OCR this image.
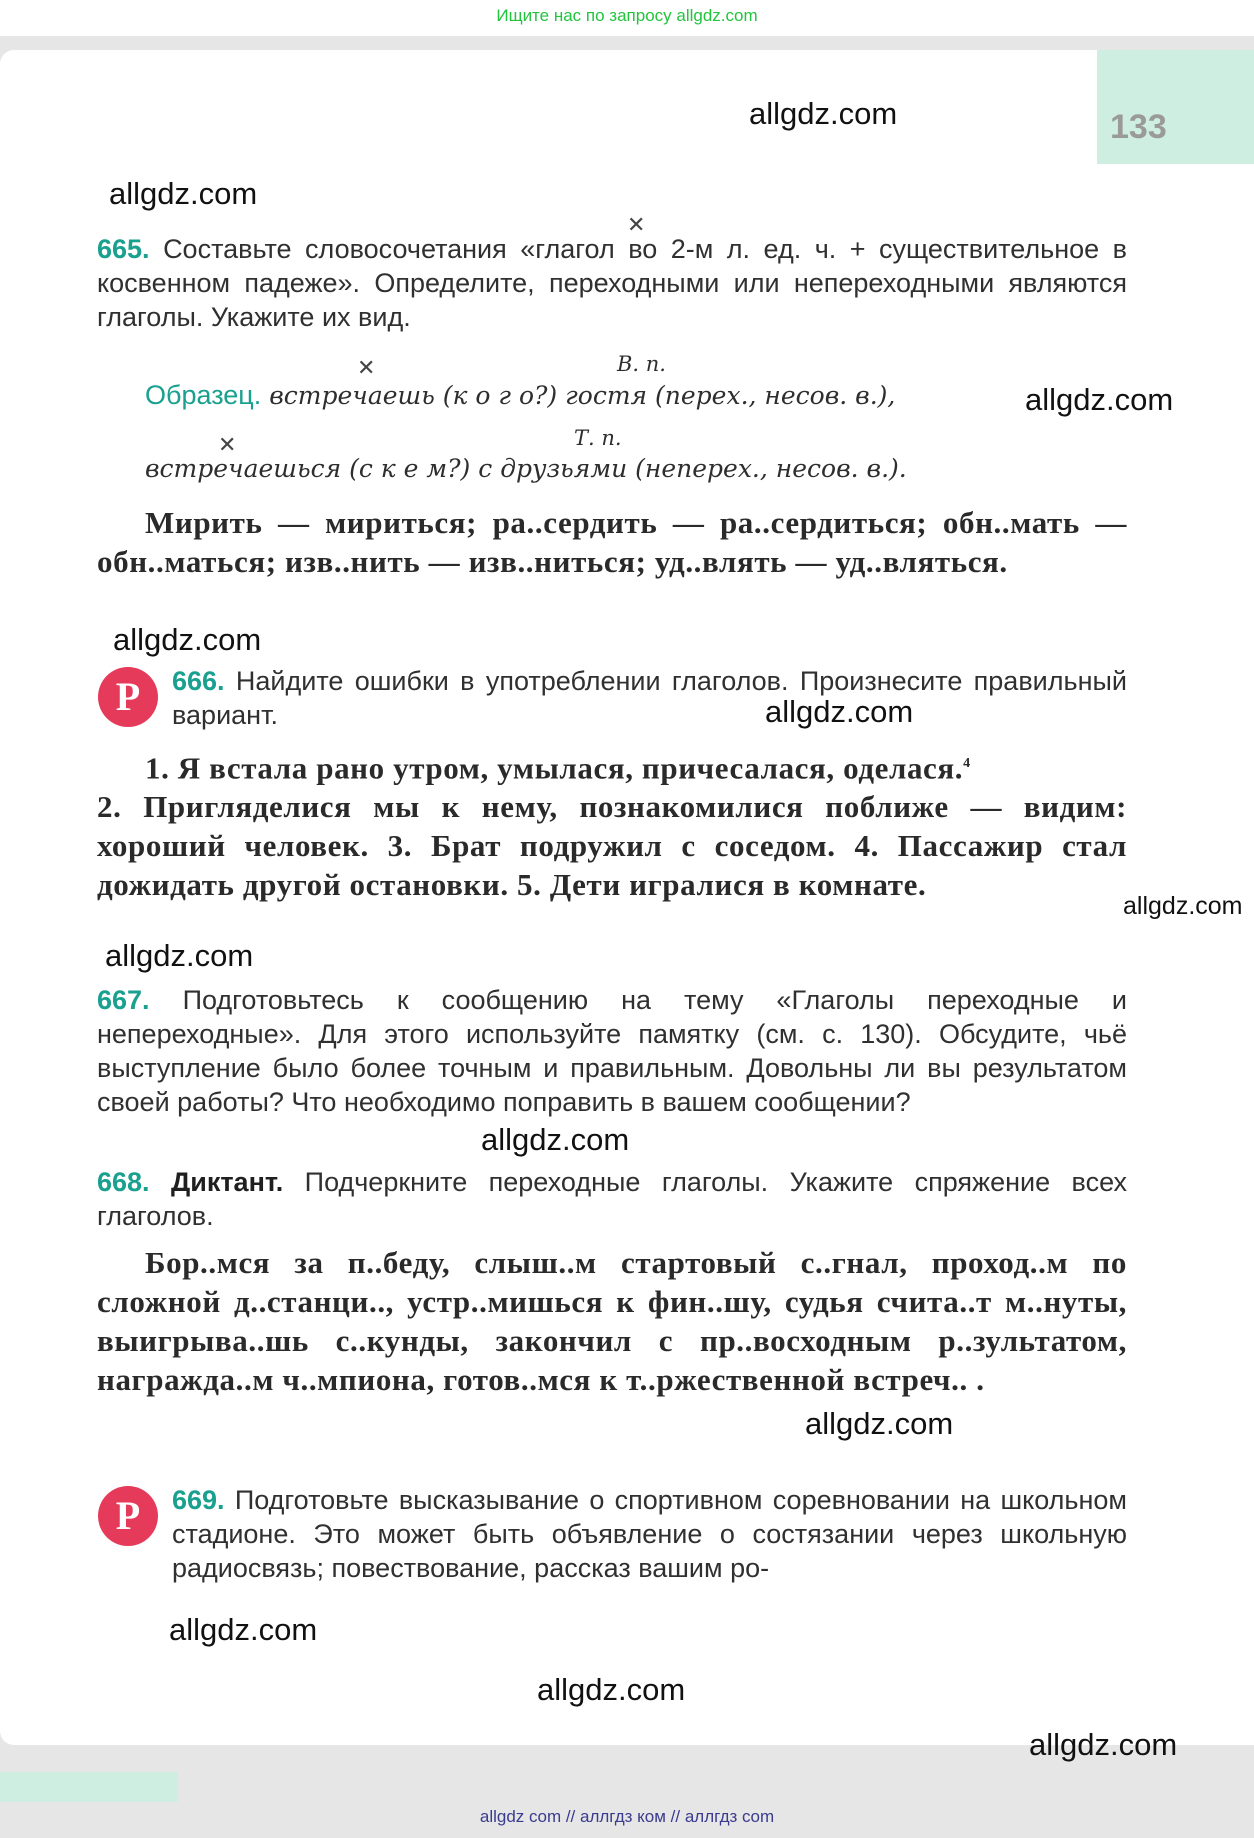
Ищите нас по запросу allgdz.com
133
✕
665. Составьте словосочетания «глагол во 2-м л. ед. ч. + существительное в косвенном падеже». Определите, переходными или непереходными являются глаголы. Укажите их вид.
✕	В. п.
Образец. встречаешь (к о г о?) гостя (перех., несов. в.),
✕	Т. п.
встречаешься (с к е м?) с друзьями (неперех., несов. в.).

Мирить — мириться; ра..сердить — ра..сердиться; обн..мать — обн..маться; изв..нить — изв..ниться; уд..влять — уд..вляться.

Р	666. Найдите ошибки в употреблении глаголов. Произнесите правильный вариант.

1. Я встала рано утром, умылася, причесалася, оделася.$^4$

2. Пригляделися мы к нему, познакомилися поближе — видим: хороший человек. 3. Брат подружил с соседом. 4. Пассажир стал дожидать другой остановки. 5. Дети игралися в комнате.

667. Подготовьтесь к сообщению на тему «Глаголы переходные и непереходные». Для этого используйте памятку (см. с. 130). Обсудите, чьё выступление было более точным и правильным. Довольны ли вы результатом своей работы? Что необходимо поправить в вашем сообщении?
668. Диктант. Подчеркните переходные глаголы. Укажите спряжение всех глаголов.

Бор..мся за п..беду, слыш..м стартовый с..гнал, проход..м по сложной д..станци.., устр..мишься к фин..шу, судья счита..т м..нуты, выигрыва..шь с..кунды, закончил с пр..восходным р..зультатом, награжда..м ч..мпиона, готов..мся к т..ржественной встреч.. .

Р	669. Подготовьте высказывание о спортивном соревновании на школьном стадионе. Это может быть объявление о состязании через школьную радиосвязь; повествование, рассказ вашим ро-
allgdz.com
allgdz.com
allgdz.com
allgdz.com
allgdz.com
allgdz.com
allgdz.com
allgdz.com
allgdz.com
allgdz.com
allgdz.com
allgdz.com
allgdz com // аллгдз ком // аллгдз com
